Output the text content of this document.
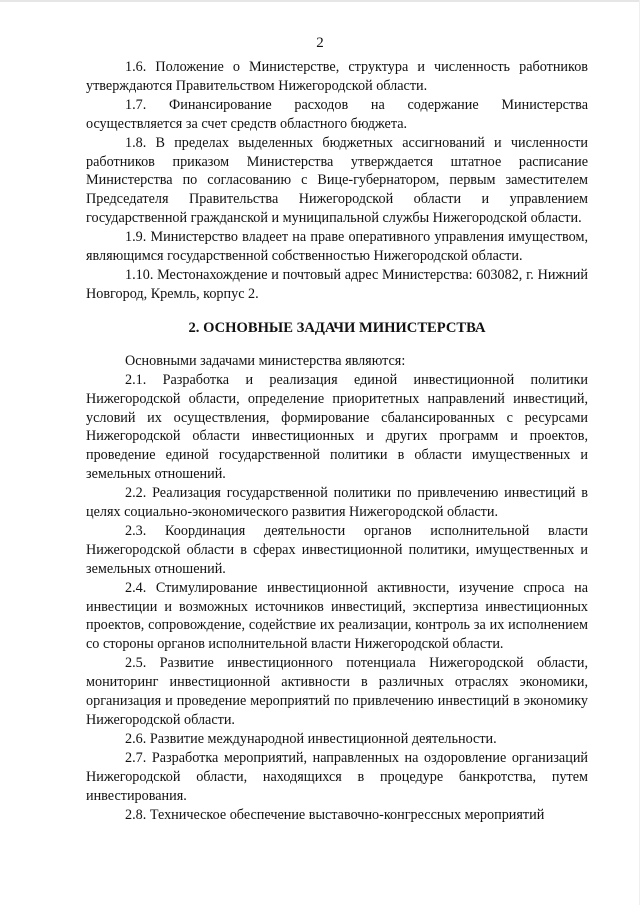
2

1.6. Положение о Министерстве, структура и численность работников утверждаются Правительством Нижегородской области.

1.7. Финансирование расходов на содержание Министерства осуществляется за счет средств областного бюджета.

1.8. В пределах выделенных бюджетных ассигнований и численности работников приказом Министерства утверждается штатное расписание Министерства по согласованию с Вице-губернатором, первым заместителем Председателя Правительства Нижегородской области и управлением государственной гражданской и муниципальной службы Нижегородской области.

1.9. Министерство владеет на праве оперативного управления имуществом, являющимся государственной собственностью Нижегородской области.

1.10. Местонахождение и почтовый адрес Министерства: 603082, г. Нижний Новгород, Кремль, корпус 2.

2. ОСНОВНЫЕ ЗАДАЧИ МИНИСТЕРСТВА

Основными задачами министерства являются:

2.1. Разработка и реализация единой инвестиционной политики Нижегородской области, определение приоритетных направлений инвестиций, условий их осуществления, формирование сбалансированных с ресурсами Нижегородской области инвестиционных и других программ и проектов, проведение единой государственной политики в области имущественных и земельных отношений.

2.2. Реализация государственной политики по привлечению инвестиций в целях социально-экономического развития Нижегородской области.

2.3. Координация деятельности органов исполнительной власти Нижегородской области в сферах инвестиционной политики, имущественных и земельных отношений.

2.4. Стимулирование инвестиционной активности, изучение спроса на инвестиции и возможных источников инвестиций, экспертиза инвестиционных проектов, сопровождение, содействие их реализации, контроль за их исполнением со стороны органов исполнительной власти Нижегородской области.

2.5. Развитие инвестиционного потенциала Нижегородской области, мониторинг инвестиционной активности в различных отраслях экономики, организация и проведение мероприятий по привлечению инвестиций в экономику Нижегородской области.

2.6. Развитие международной инвестиционной деятельности.

2.7. Разработка мероприятий, направленных на оздоровление организаций Нижегородской области, находящихся в процедуре банкротства, путем инвестирования.

2.8. Техническое обеспечение выставочно-конгрессных мероприятий
